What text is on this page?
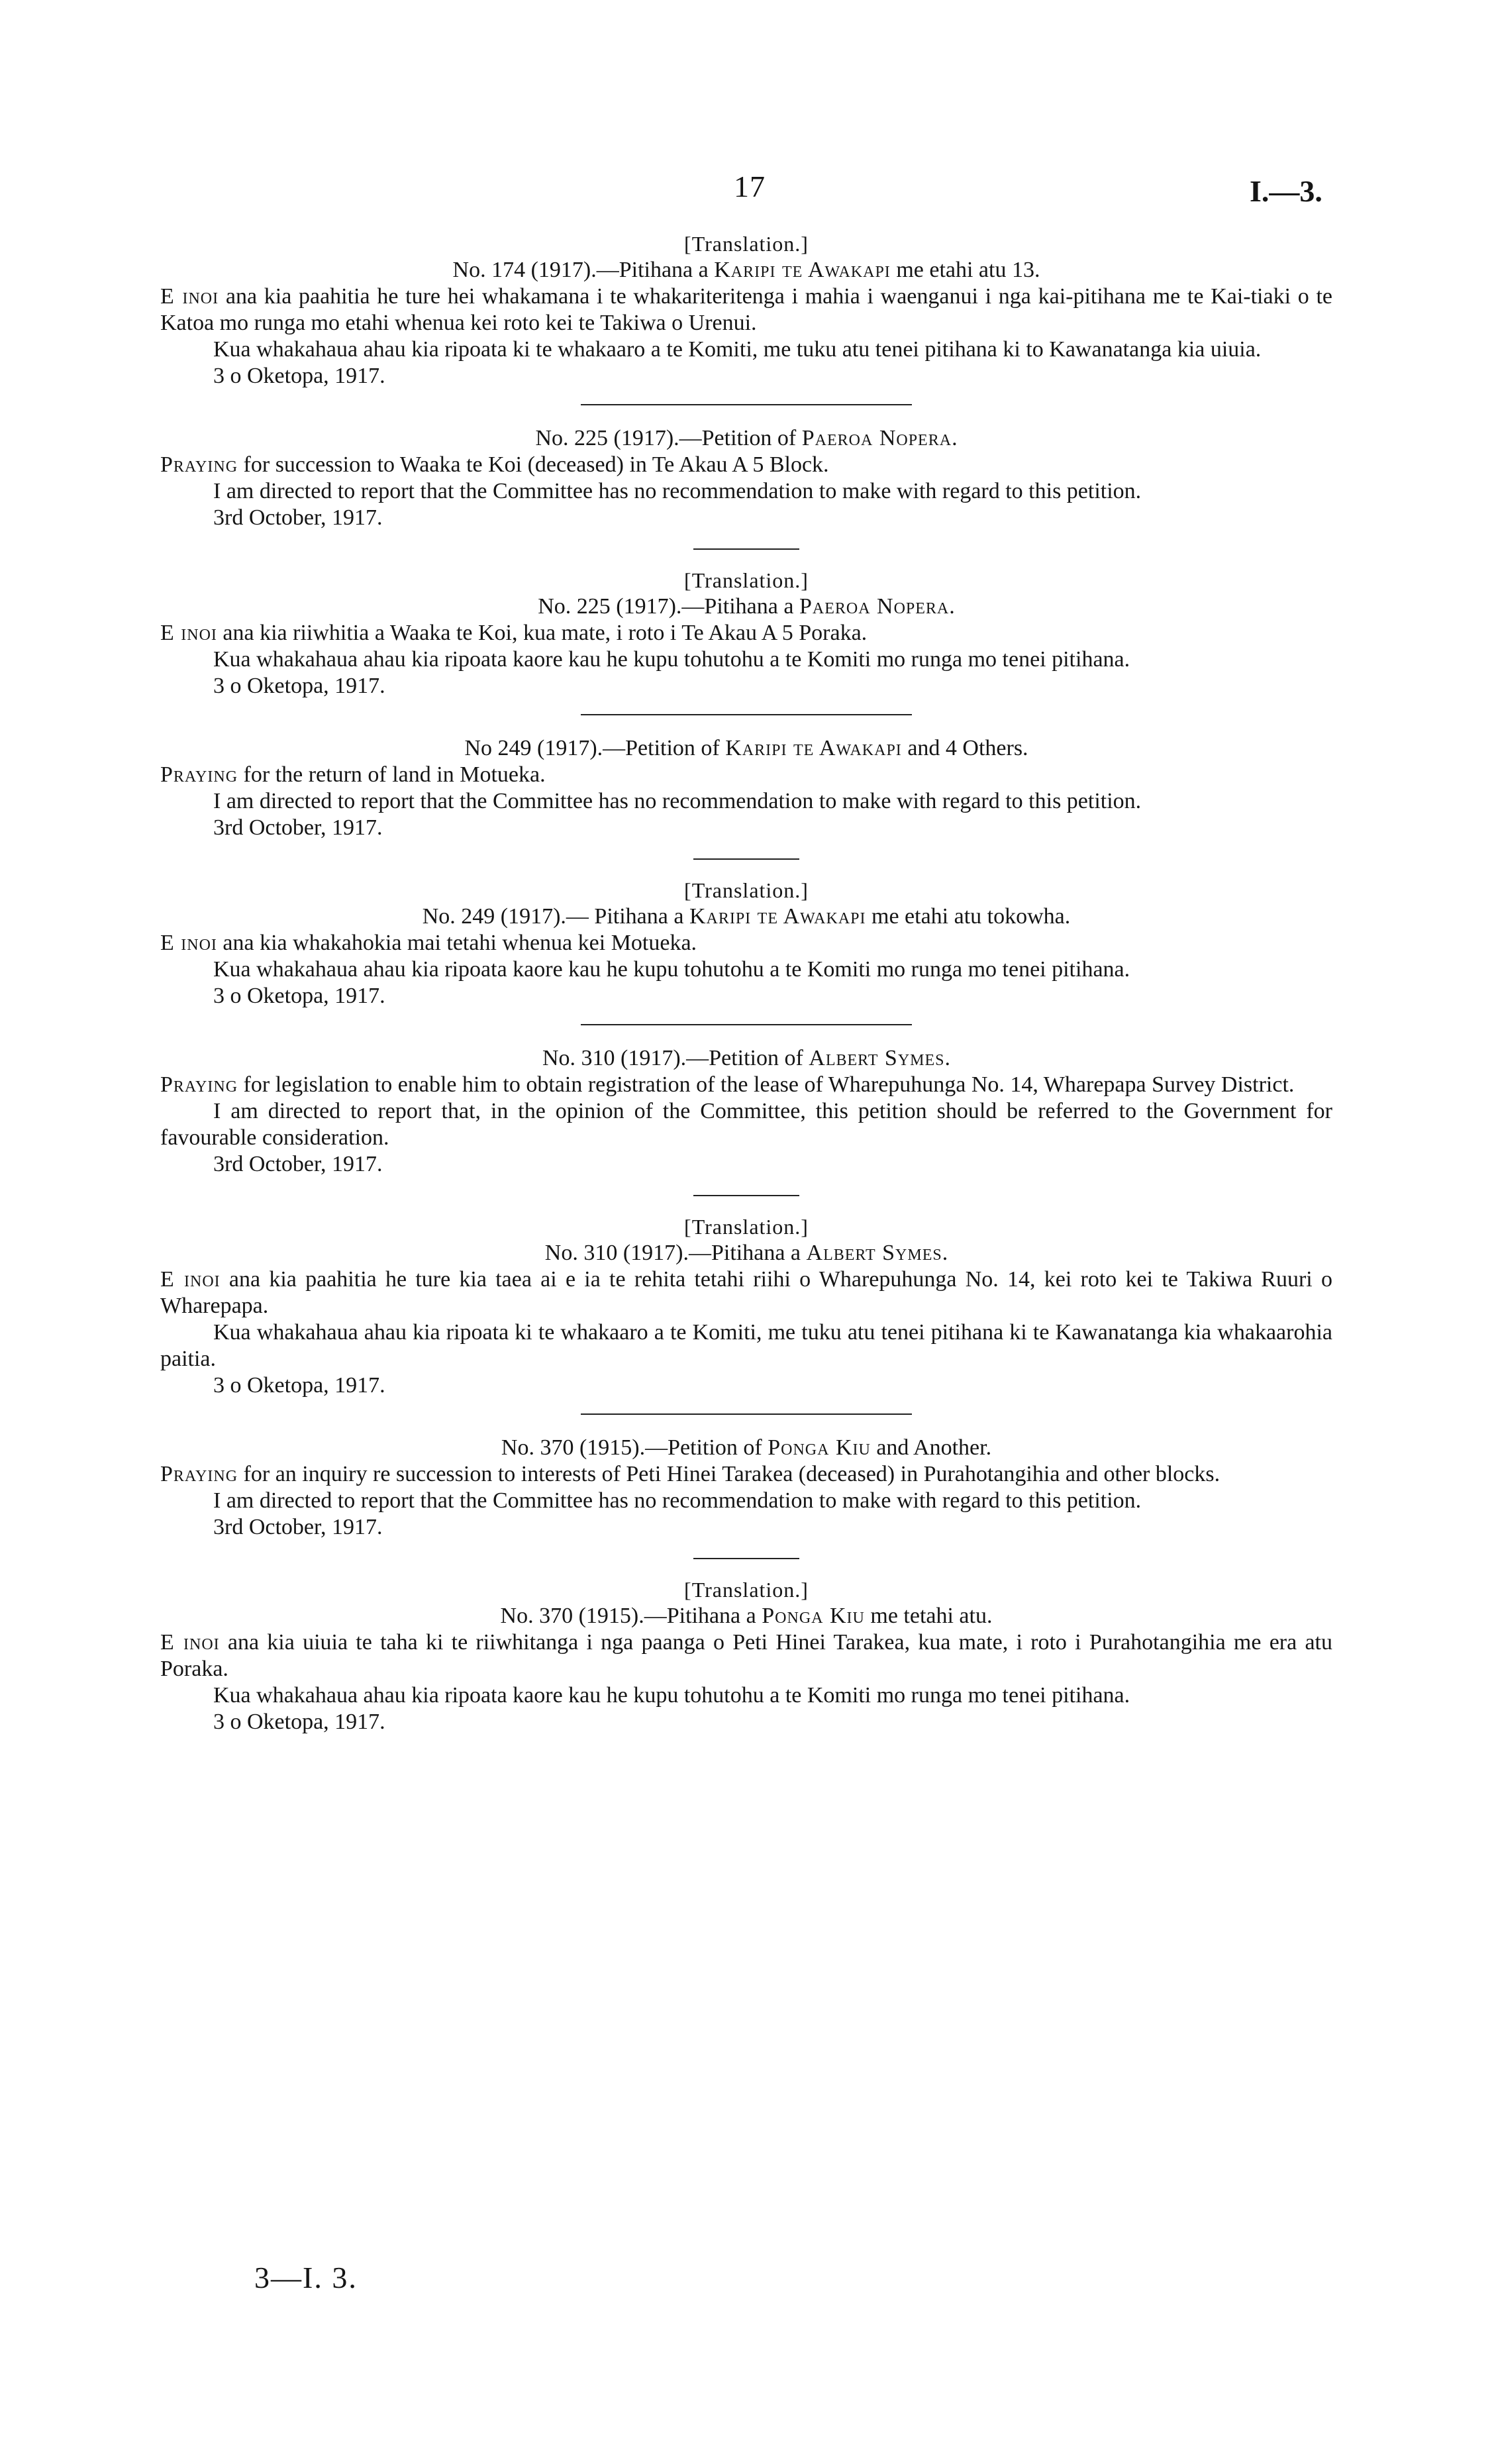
17	I.—3.

[Translation.]

No. 174 (1917).—Pitihana a Karipi te Awakapi me etahi atu 13.

E inoi ana kia paahitia he ture hei whakamana i te whakariteritenga i mahia i waenganui i nga kai-pitihana me te Kai-tiaki o te Katoa mo runga mo etahi whenua kei roto kei te Takiwa o Urenui.

Kua whakahaua ahau kia ripoata ki te whakaaro a te Komiti, me tuku atu tenei pitihana ki to Kawanatanga kia uiuia.

3 o Oketopa, 1917.

No. 225 (1917).—Petition of Paeroa Nopera.

Praying for succession to Waaka te Koi (deceased) in Te Akau A 5 Block.

I am directed to report that the Committee has no recommendation to make with regard to this petition.

3rd October, 1917.

[Translation.]

No. 225 (1917).—Pitihana a Paeroa Nopera.

E inoi ana kia riiwhitia a Waaka te Koi, kua mate, i roto i Te Akau A 5 Poraka.

Kua whakahaua ahau kia ripoata kaore kau he kupu tohutohu a te Komiti mo runga mo tenei pitihana.

3 o Oketopa, 1917.

No 249 (1917).—Petition of Karipi te Awakapi and 4 Others.

Praying for the return of land in Motueka.

I am directed to report that the Committee has no recommendation to make with regard to this petition.

3rd October, 1917.

[Translation.]

No. 249 (1917).— Pitihana a Karipi te Awakapi me etahi atu tokowha.

E inoi ana kia whakahokia mai tetahi whenua kei Motueka.

Kua whakahaua ahau kia ripoata kaore kau he kupu tohutohu a te Komiti mo runga mo tenei pitihana.

3 o Oketopa, 1917.

No. 310 (1917).—Petition of Albert Symes.

Praying for legislation to enable him to obtain registration of the lease of Wharepuhunga No. 14, Wharepapa Survey District.

I am directed to report that, in the opinion of the Committee, this petition should be referred to the Government for favourable consideration.

3rd October, 1917.

[Translation.]

No. 310 (1917).—Pitihana a Albert Symes.

E inoi ana kia paahitia he ture kia taea ai e ia te rehita tetahi riihi o Wharepuhunga No. 14, kei roto kei te Takiwa Ruuri o Wharepapa.

Kua whakahaua ahau kia ripoata ki te whakaaro a te Komiti, me tuku atu tenei pitihana ki te Kawanatanga kia whakaarohia paitia.

3 o Oketopa, 1917.

No. 370 (1915).—Petition of Ponga Kiu and Another.

Praying for an inquiry re succession to interests of Peti Hinei Tarakea (deceased) in Purahotangihia and other blocks.

I am directed to report that the Committee has no recommendation to make with regard to this petition.

3rd October, 1917.

[Translation.]

No. 370 (1915).—Pitihana a Ponga Kiu me tetahi atu.

E inoi ana kia uiuia te taha ki te riiwhitanga i nga paanga o Peti Hinei Tarakea, kua mate, i roto i Purahotangihia me era atu Poraka.

Kua whakahaua ahau kia ripoata kaore kau he kupu tohutohu a te Komiti mo runga mo tenei pitihana.

3 o Oketopa, 1917.

3—I. 3.
